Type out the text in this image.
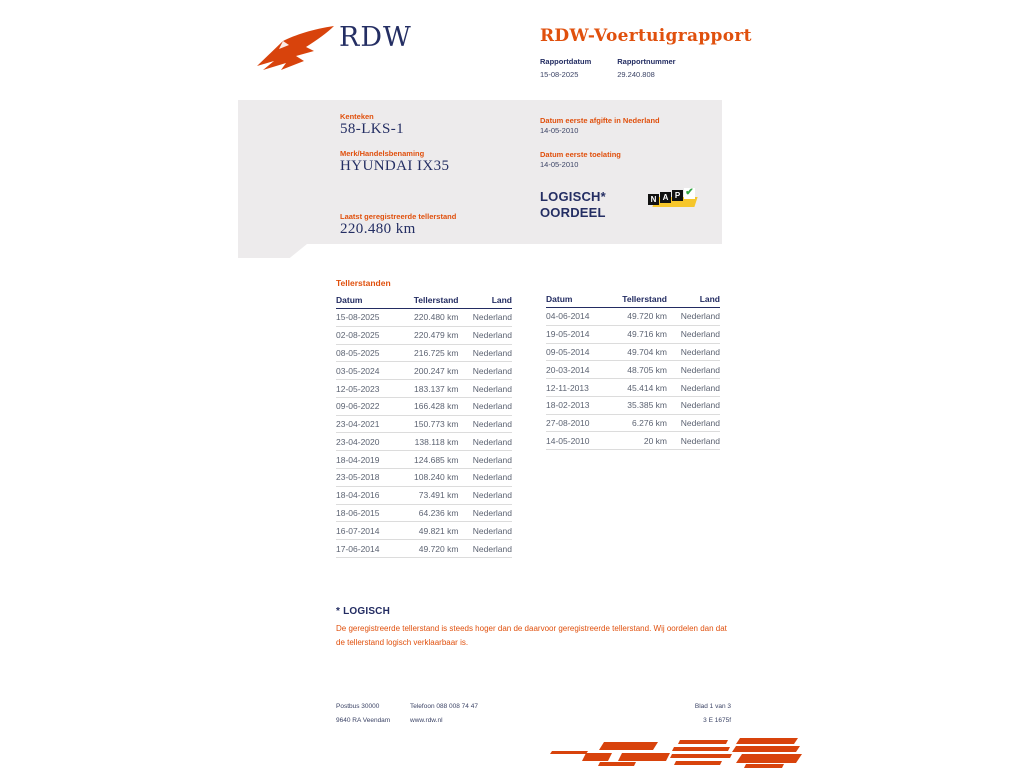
RDW	RDW-Voertuigrapport
Rapportdatum
15-08-2025
Rapportnummer
29.240.808
Kenteken
58-LKS-1
Merk/Handelsbenaming
HYUNDAI IX35
Laatst geregistreerde tellerstand
220.480 km
Datum eerste afgifte in Nederland
14-05-2010
Datum eerste toelating
14-05-2010
LOGISCH*
OORDEEL
N A P ✔
Tellerstanden
Datum	Tellerstand	Land
15-08-2025	220.480 km	Nederland
02-08-2025	220.479 km	Nederland
08-05-2025	216.725 km	Nederland
03-05-2024	200.247 km	Nederland
12-05-2023	183.137 km	Nederland
09-06-2022	166.428 km	Nederland
23-04-2021	150.773 km	Nederland
23-04-2020	138.118 km	Nederland
18-04-2019	124.685 km	Nederland
23-05-2018	108.240 km	Nederland
18-04-2016	73.491 km	Nederland
18-06-2015	64.236 km	Nederland
16-07-2014	49.821 km	Nederland
17-06-2014	49.720 km	Nederland
Datum	Tellerstand	Land
04-06-2014	49.720 km	Nederland
19-05-2014	49.716 km	Nederland
09-05-2014	49.704 km	Nederland
20-03-2014	48.705 km	Nederland
12-11-2013	45.414 km	Nederland
18-02-2013	35.385 km	Nederland
27-08-2010	6.276 km	Nederland
14-05-2010	20 km	Nederland
* LOGISCH
De geregistreerde tellerstand is steeds hoger dan de daarvoor geregistreerde tellerstand. Wij oordelen dan dat de tellerstand logisch verklaarbaar is.
Postbus 30000
9640 RA Veendam
Telefoon 088 008 74 47
www.rdw.nl
Blad 1 van 3
3 E 1675f
